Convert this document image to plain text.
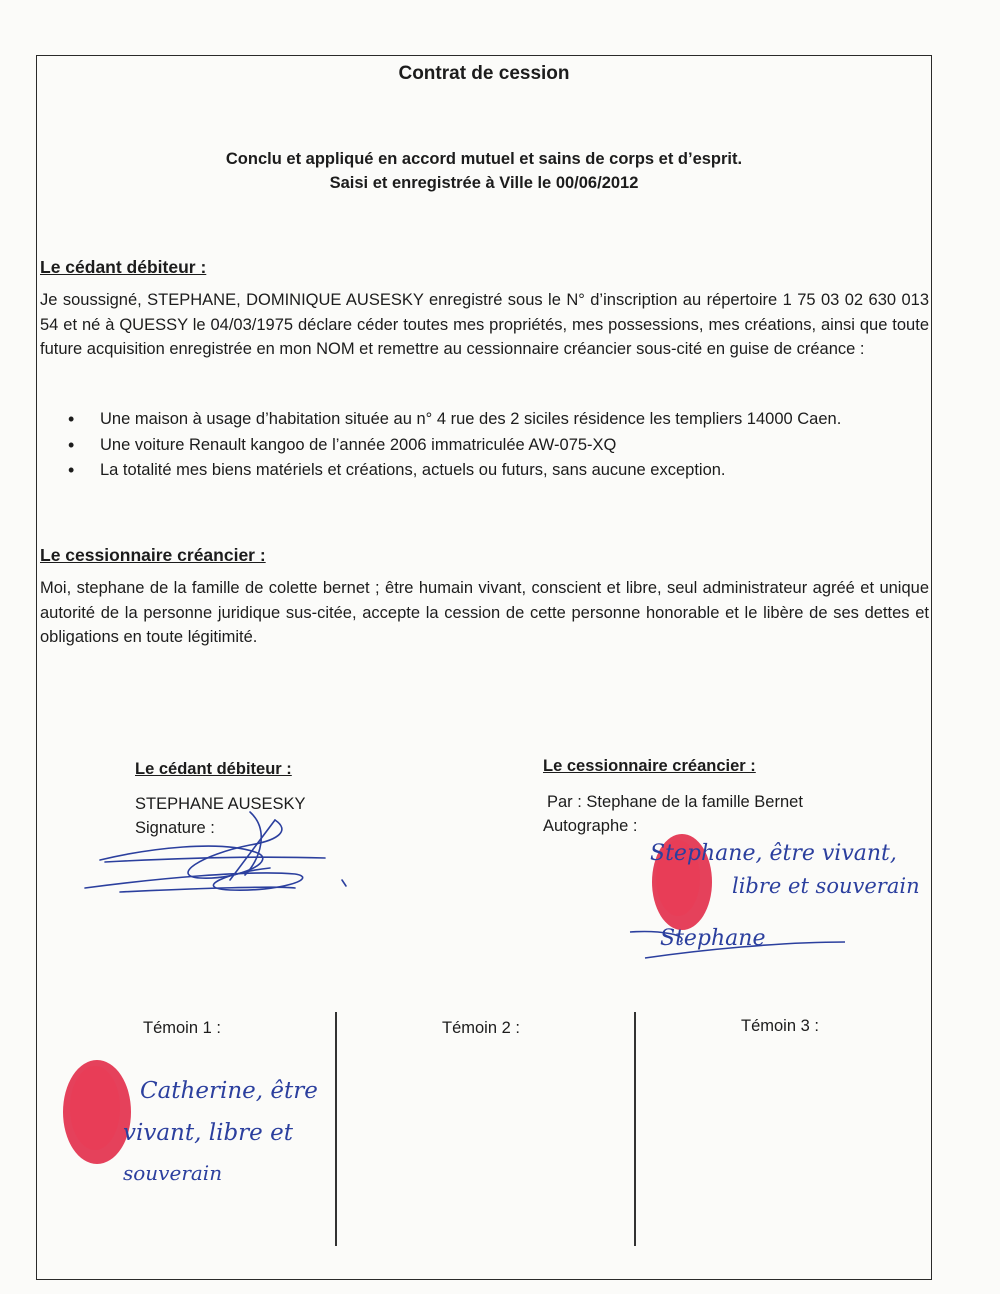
Contrat de cession
Conclu et appliqué en accord mutuel et sains de corps et d’esprit.
Saisi et enregistrée à Ville le 00/06/2012
Le cédant débiteur :
Je soussigné, STEPHANE, DOMINIQUE AUSESKY enregistré sous le N° d’inscription au répertoire 1 75 03 02 630 013 54 et né à QUESSY le 04/03/1975 déclare céder toutes mes propriétés, mes possessions, mes créations, ainsi que toute future acquisition enregistrée en mon NOM et remettre au cessionnaire créancier sous-cité en guise de créance :
• Une maison à usage d’habitation située au n° 4 rue des 2 siciles résidence les templiers 14000 Caen.
• Une voiture Renault kangoo de l’année 2006 immatriculée AW-075-XQ
• La totalité mes biens matériels et créations, actuels ou futurs, sans aucune exception.
Le cessionnaire créancier :
Moi, stephane de la famille de colette bernet ; être humain vivant, conscient et libre, seul administrateur agréé et unique autorité de la personne juridique sus-citée, accepte la cession de cette personne honorable et le libère de ses dettes et obligations en toute légitimité.
Le cédant débiteur :
STEPHANE AUSESKY
Signature :
Le cessionnaire créancier :
Par : Stephane de la famille Bernet
Autographe :
Stephane, être vivant,
libre et souverain
Stephane
Témoin 1 :	Témoin 2 :	Témoin 3 :
Catherine, être
vivant, libre et
souverain
